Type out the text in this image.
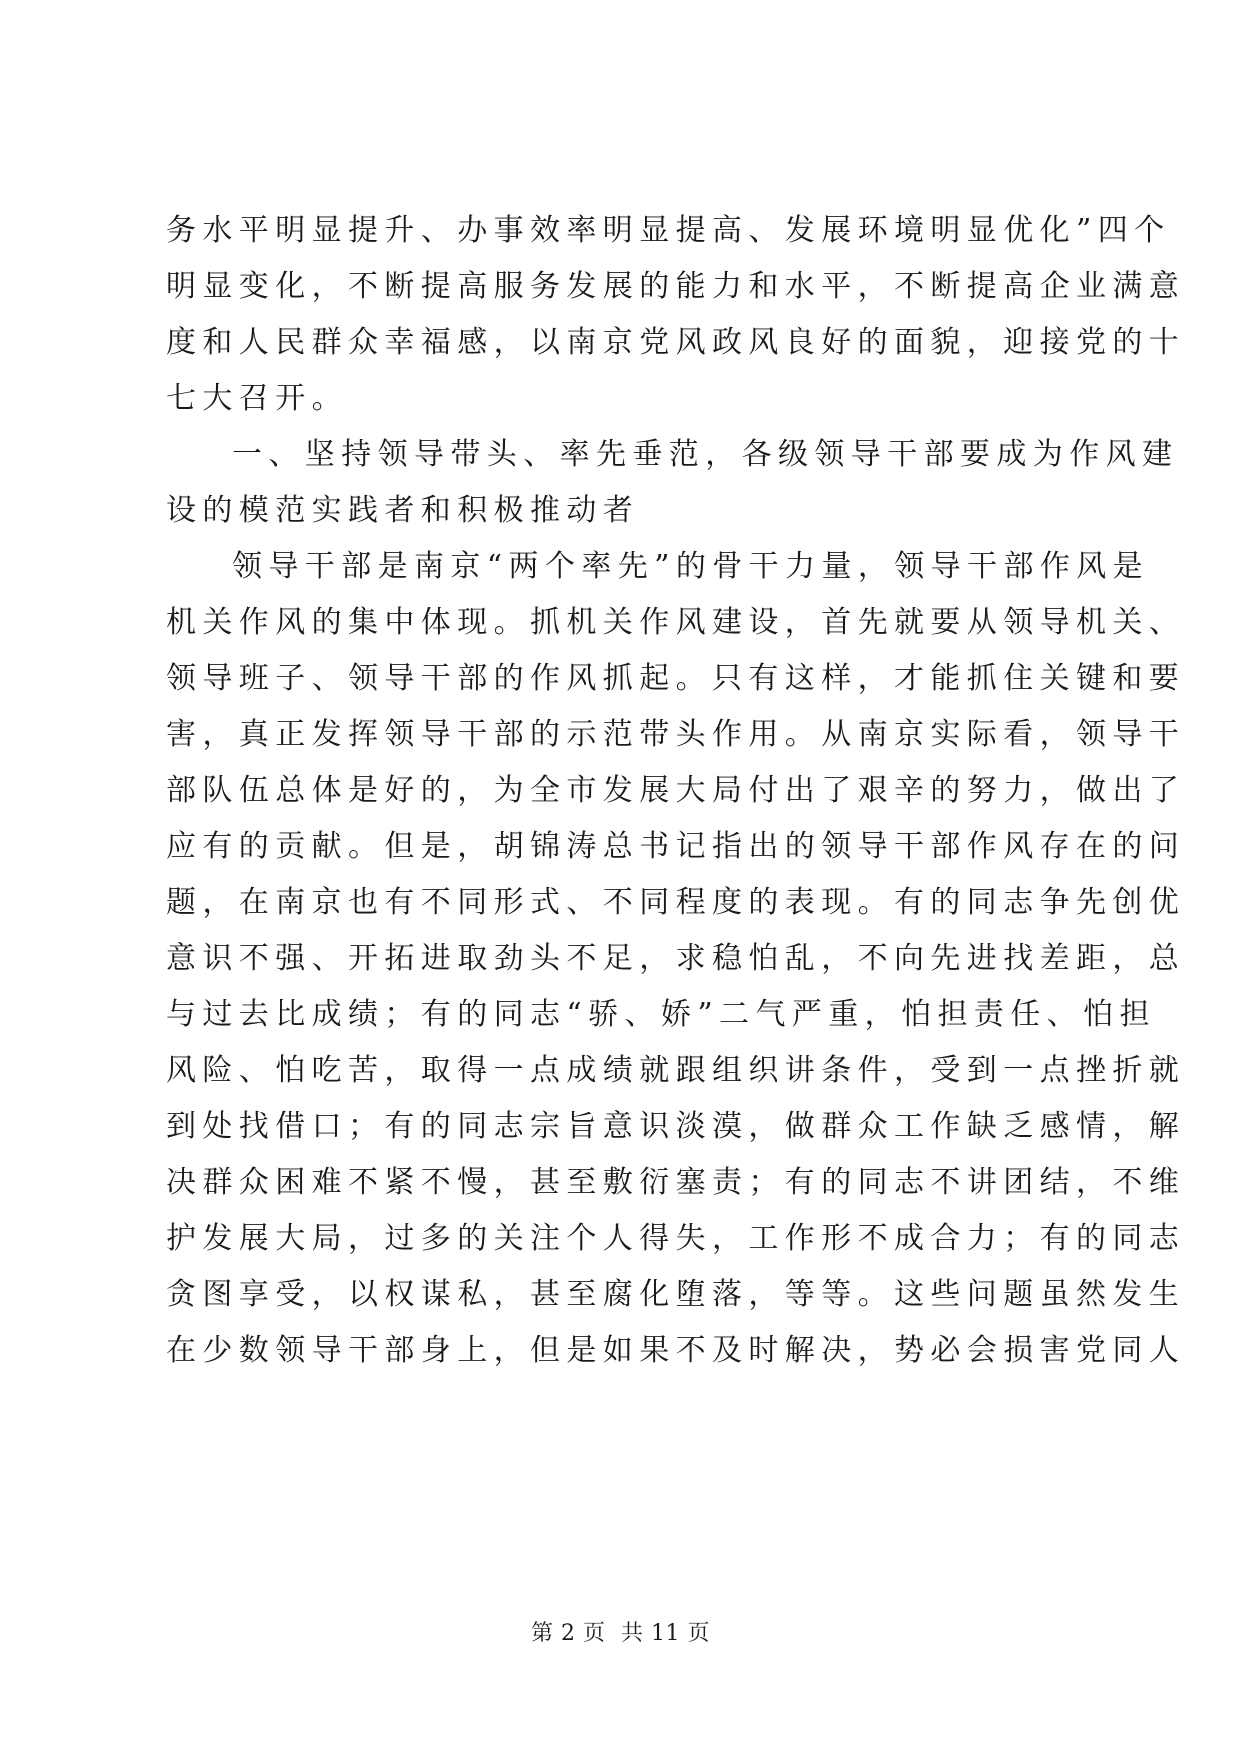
务水平明显提升、办事效率明显提高、发展环境明显优化”四个
明显变化，不断提高服务发展的能力和水平，不断提高企业满意
度和人民群众幸福感，以南京党风政风良好的面貌，迎接党的十
七大召开。
一、坚持领导带头、率先垂范，各级领导干部要成为作风建
设的模范实践者和积极推动者
领导干部是南京“两个率先”的骨干力量，领导干部作风是
机关作风的集中体现。抓机关作风建设，首先就要从领导机关、
领导班子、领导干部的作风抓起。只有这样，才能抓住关键和要
害，真正发挥领导干部的示范带头作用。从南京实际看，领导干
部队伍总体是好的，为全市发展大局付出了艰辛的努力，做出了
应有的贡献。但是，胡锦涛总书记指出的领导干部作风存在的问
题，在南京也有不同形式、不同程度的表现。有的同志争先创优
意识不强、开拓进取劲头不足，求稳怕乱，不向先进找差距，总
与过去比成绩；有的同志“骄、娇”二气严重，怕担责任、怕担
风险、怕吃苦，取得一点成绩就跟组织讲条件，受到一点挫折就
到处找借口；有的同志宗旨意识淡漠，做群众工作缺乏感情，解
决群众困难不紧不慢，甚至敷衍塞责；有的同志不讲团结，不维
护发展大局，过多的关注个人得失，工作形不成合力；有的同志
贪图享受，以权谋私，甚至腐化堕落，等等。这些问题虽然发生
在少数领导干部身上，但是如果不及时解决，势必会损害党同人
第 2 页 共 11 页
